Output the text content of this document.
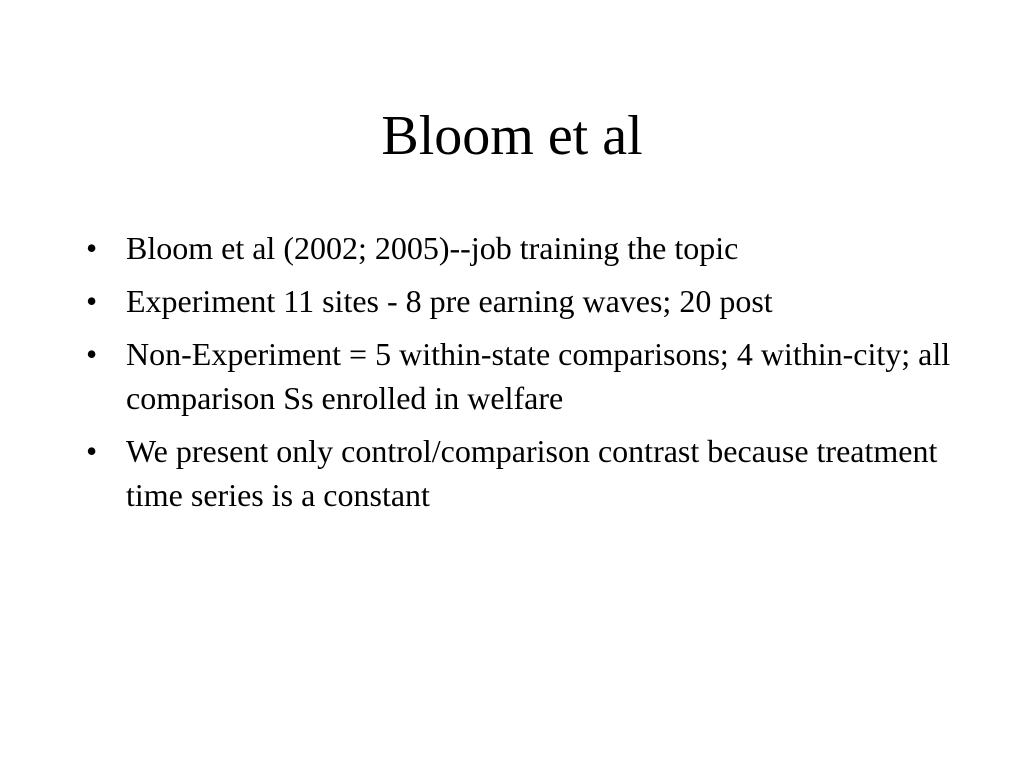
Bloom et al
• Bloom et al (2002; 2005)--job training the topic
• Experiment 11 sites - 8 pre earning waves; 20 post
• Non-Experiment = 5 within-state comparisons; 4 within-city; all comparison Ss enrolled in welfare
• We present only control/comparison contrast because treatment time series is a constant
